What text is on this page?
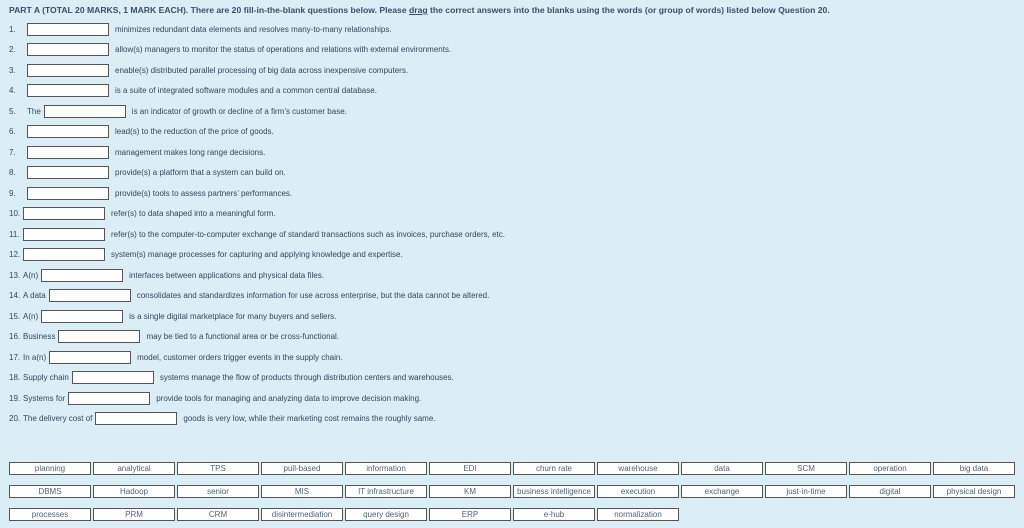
PART A (TOTAL 20 MARKS, 1 MARK EACH). There are 20 fill-in-the-blank questions below. Please drag the correct answers into the blanks using the words (or group of words) listed below Question 20.
1.	minimizes redundant data elements and resolves many-to-many relationships.
2.	allow(s) managers to monitor the status of operations and relations with external environments.
3.	enable(s) distributed parallel processing of big data across inexpensive computers.
4.	is a suite of integrated software modules and a common central database.
5.	The	is an indicator of growth or decline of a firm’s customer base.
6.	lead(s) to the reduction of the price of goods.
7.	management makes long range decisions.
8.	provide(s) a platform that a system can build on.
9.	provide(s) tools to assess partners’ performances.
10.	refer(s) to data shaped into a meaningful form.
11.	refer(s) to the computer-to-computer exchange of standard transactions such as invoices, purchase orders, etc.
12.	system(s) manage processes for capturing and applying knowledge and expertise.
13. A(n)	interfaces between applications and physical data files.
14. A data	consolidates and standardizes information for use across enterprise, but the data cannot be altered.
15. A(n)	is a single digital marketplace for many buyers and sellers.
16. Business	may be tied to a functional area or be cross-functional.
17. In a(n)	model, customer orders trigger events in the supply chain.
18. Supply chain	systems manage the flow of products through distribution centers and warehouses.
19. Systems for	provide tools for managing and analyzing data to improve decision making.
20. The delivery cost of	goods is very low, while their marketing cost remains the roughly same.
planning	analytical	TPS	pull-based	information	EDI	churn rate	warehouse	data	SCM	operation	big data
DBMS	Hadoop	senior	MIS	IT infrastructure	KM	business intelligence	execution	exchange	just-in-time	digital	physical design
processes	PRM	CRM	disintermediation	query design	ERP	e-hub	normalization
